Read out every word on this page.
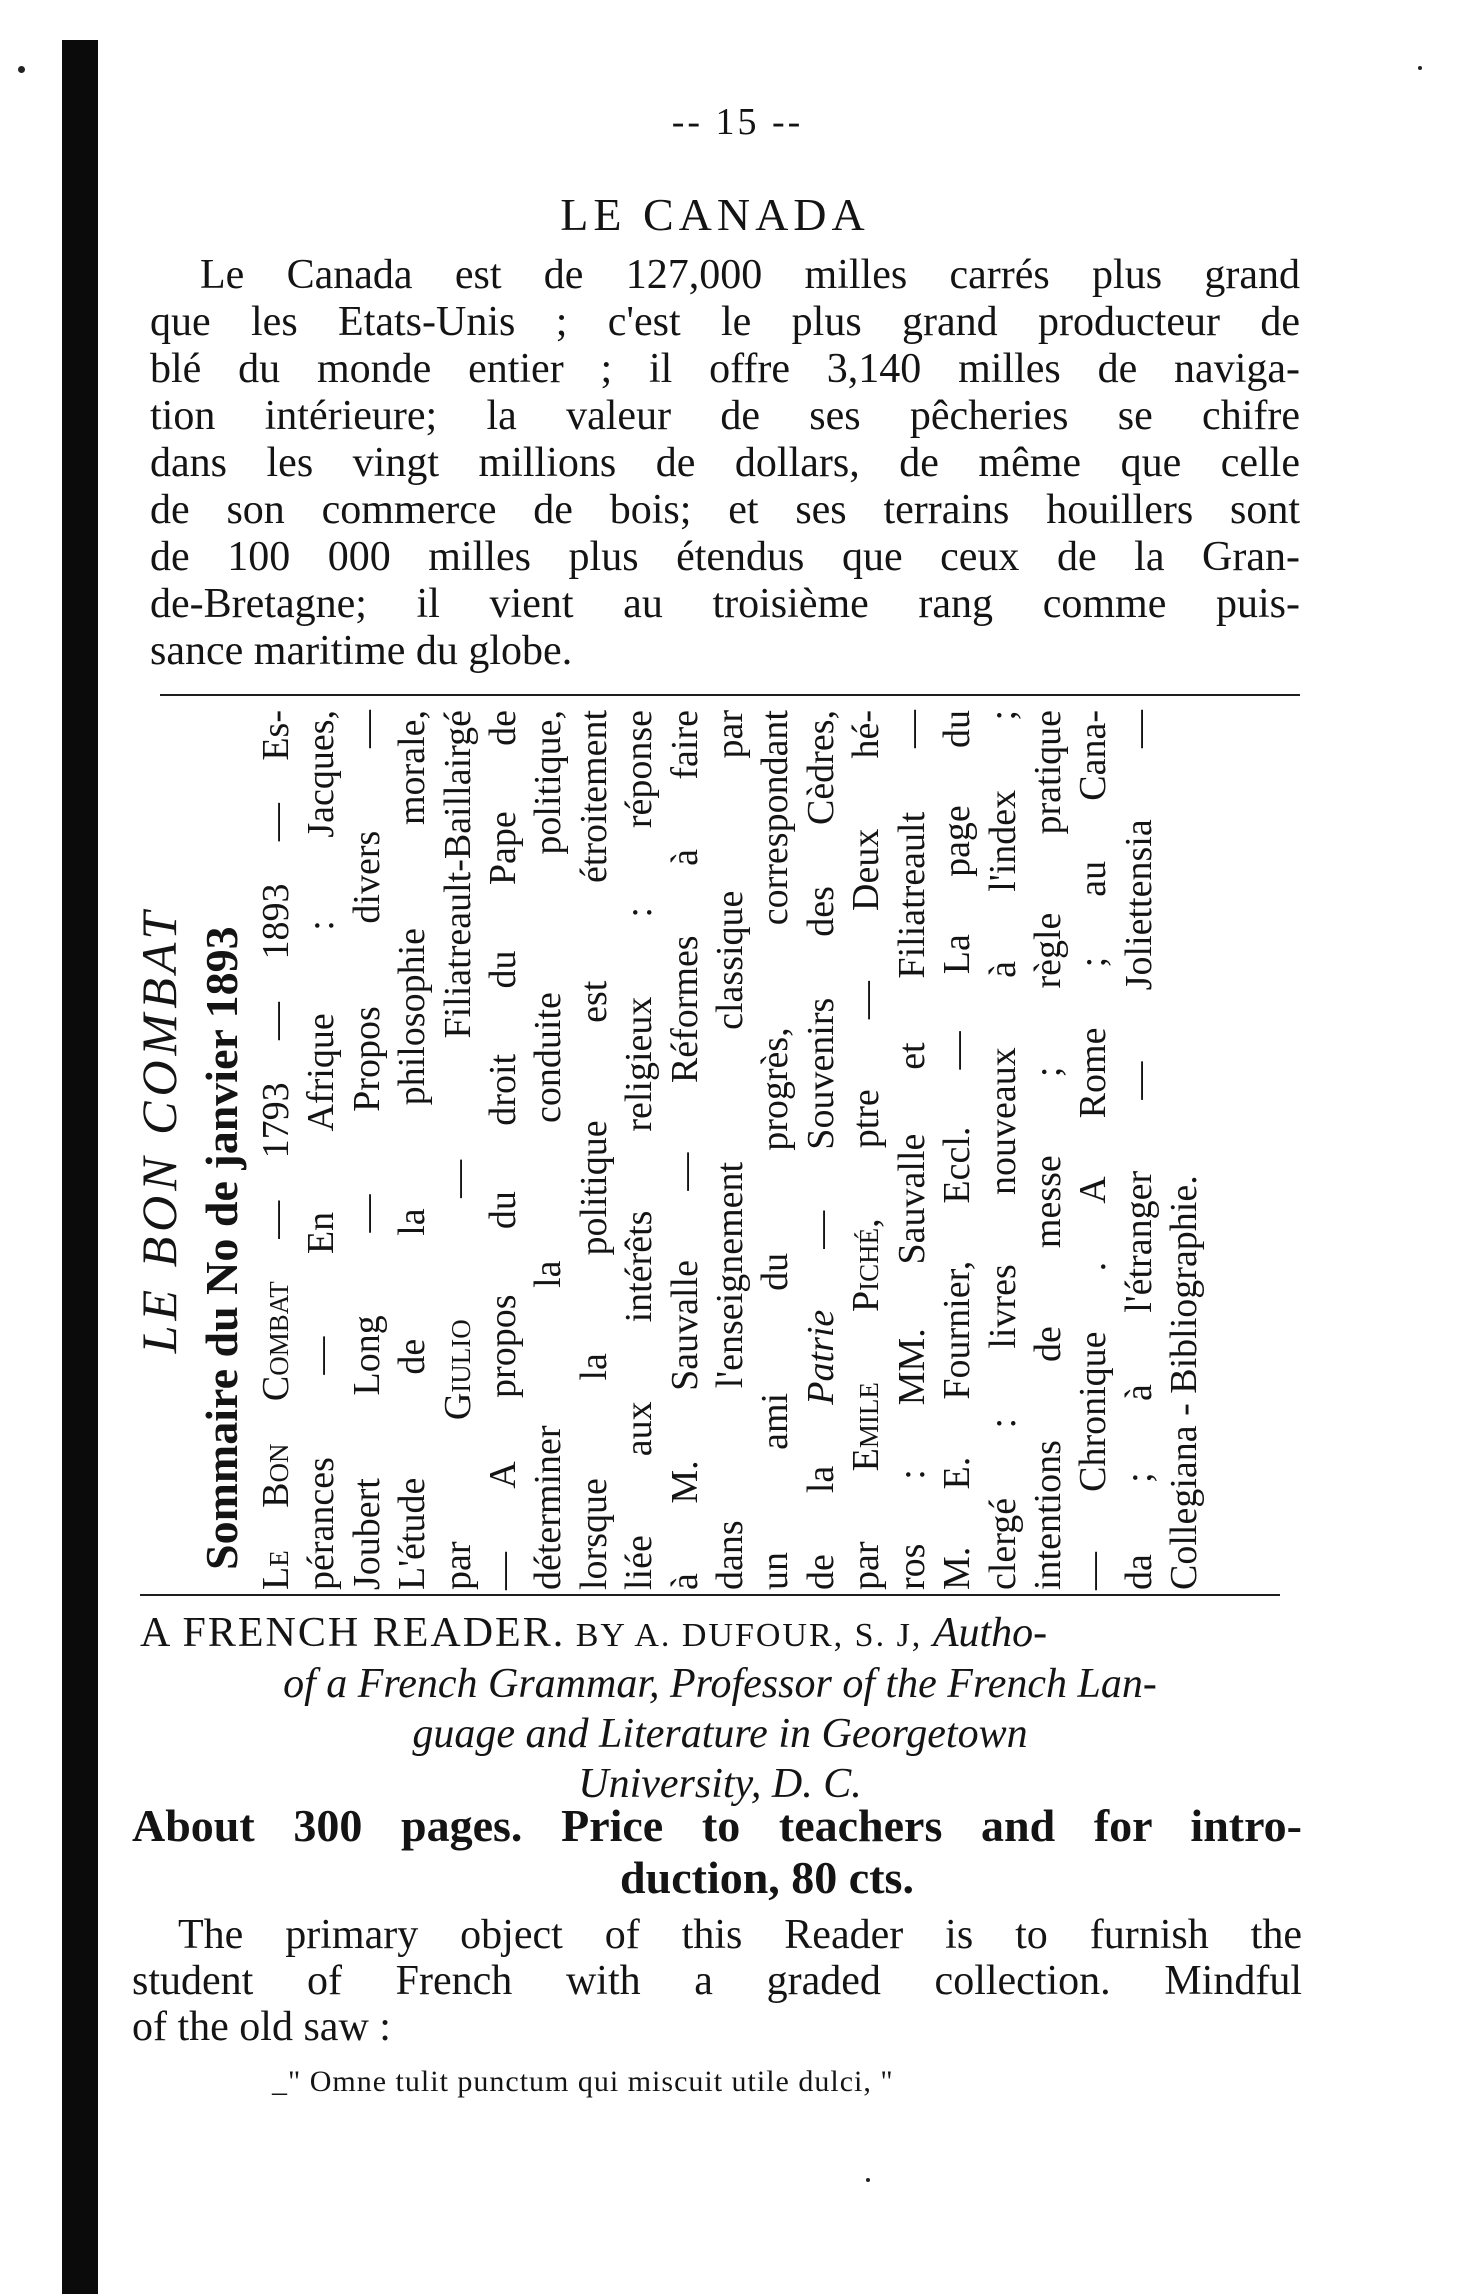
-- 15 --
LE CANADA
Le Canada est de 127,000 milles carrés plus grand
que les Etats-Unis ; c'est le plus grand producteur de
blé du monde entier ; il offre 3,140 milles de naviga-
tion intérieure; la valeur de ses pêcheries se chifre
dans les vingt millions de dollars, de même que celle
de son commerce de bois; et ses terrains houillers sont
de 100 000 milles plus étendus que ceux de la Gran-
de-Bretagne; il vient au troisième rang comme puis-
sance maritime du globe.
LE BON COMBAT Sommaire du No de janvier 1893 Le Bon Combat — 1793 — 1893 — Es- pérances — En Afrique : Jacques, Joubert Long — Propos divers — L'étude de la philosophie morale, par Giulio — Filiatreault-Baillairgé — A propos du droit du Pape de déterminer la conduite politique, lorsque la politique est étroitement liée aux intérêts religieux : réponse à M. Sauvalle — Réformes à faire dans l'enseignement classique par un ami du progrès, correspondant de la Patrie — Souvenirs des Cèdres,
par Emile Piché, ptre — Deux hé- ros : MM. Sauvalle et Filiatreault — M. E. Fournier, Eccl. — La page du clergé : livres nouveaux à l'index ; intentions de messe ; règle pratique — Chronique . A Rome ; au Cana- da ; à l'étranger — Joliettensia — Collegiana - Bibliographie.
A FRENCH READER. BY A. DUFOUR, S. J, Autho-
of a French Grammar, Professor of the French Lan-
guage and Literature in Georgetown
University, D. C.
About 300 pages. Price to teachers and for intro-
duction, 80 cts.
The primary object of this Reader is to furnish the
student of French with a graded collection. Mindful
of the old saw :
_" Omne tulit punctum qui miscuit utile dulci, "
